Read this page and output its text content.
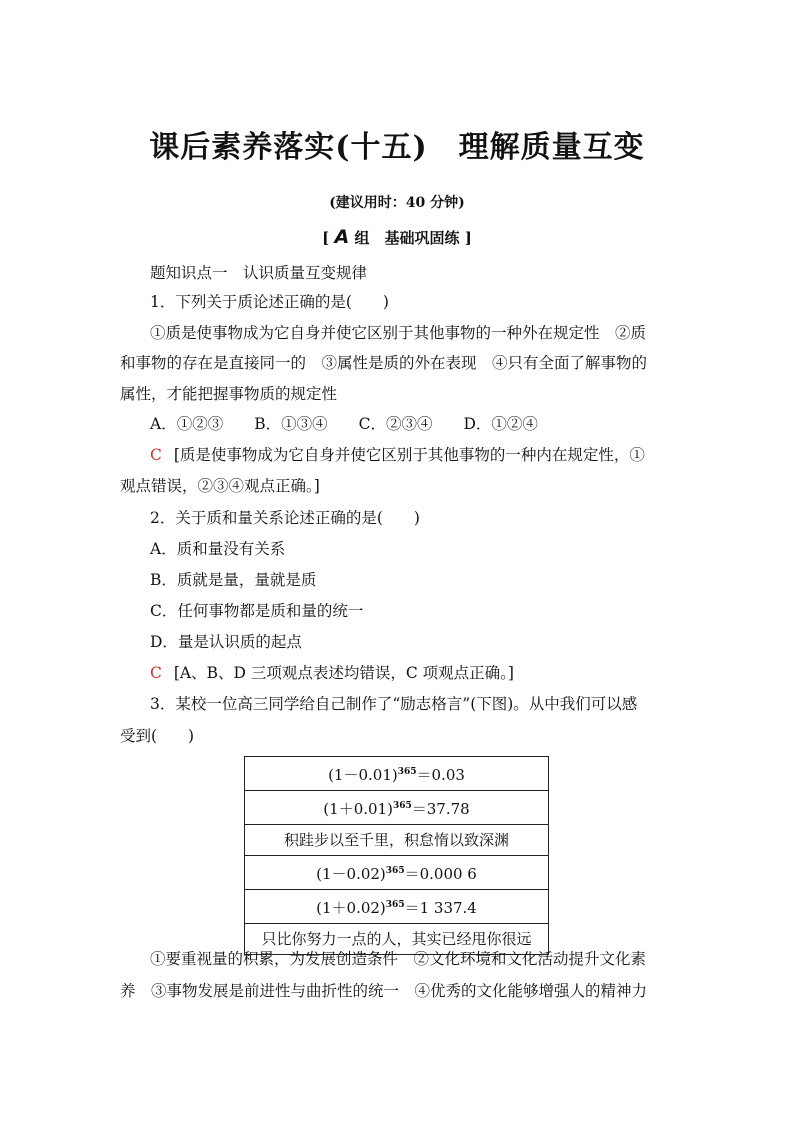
课后素养落实(十五)　理解质量互变
(建议用时：40 分钟)
[ A 组　基础巩固练 ]
题知识点一　认识质量互变规律
1．下列关于质论述正确的是(　　)
①质是使事物成为它自身并使它区别于其他事物的一种外在规定性　②质
和事物的存在是直接同一的　③属性是质的外在表现　④只有全面了解事物的
属性，才能把握事物质的规定性
A．①②③　　B．①③④　　C．②③④　　D．①②④
C [质是使事物成为它自身并使它区别于其他事物的一种内在规定性，①
观点错误，②③④观点正确。]
2．关于质和量关系论述正确的是(　　)
A．质和量没有关系
B．质就是量，量就是质
C．任何事物都是质和量的统一
D．量是认识质的起点
C [A、B、D 三项观点表述均错误，C 项观点正确。]
3．某校一位高三同学给自己制作了“励志格言”(下图)。从中我们可以感
受到(　　)
$(1-0.01)^{365}=0.03$
$(1+0.01)^{365}=37.78$
积跬步以至千里，积怠惰以致深渊
$(1-0.02)^{365}=0.000$ 6
$(1+0.02)^{365}=1$ 337.4
只比你努力一点的人，其实已经甩你很远
①要重视量的积累，为发展创造条件　②文化环境和文化活动提升文化素
养　③事物发展是前进性与曲折性的统一　④优秀的文化能够增强人的精神力
